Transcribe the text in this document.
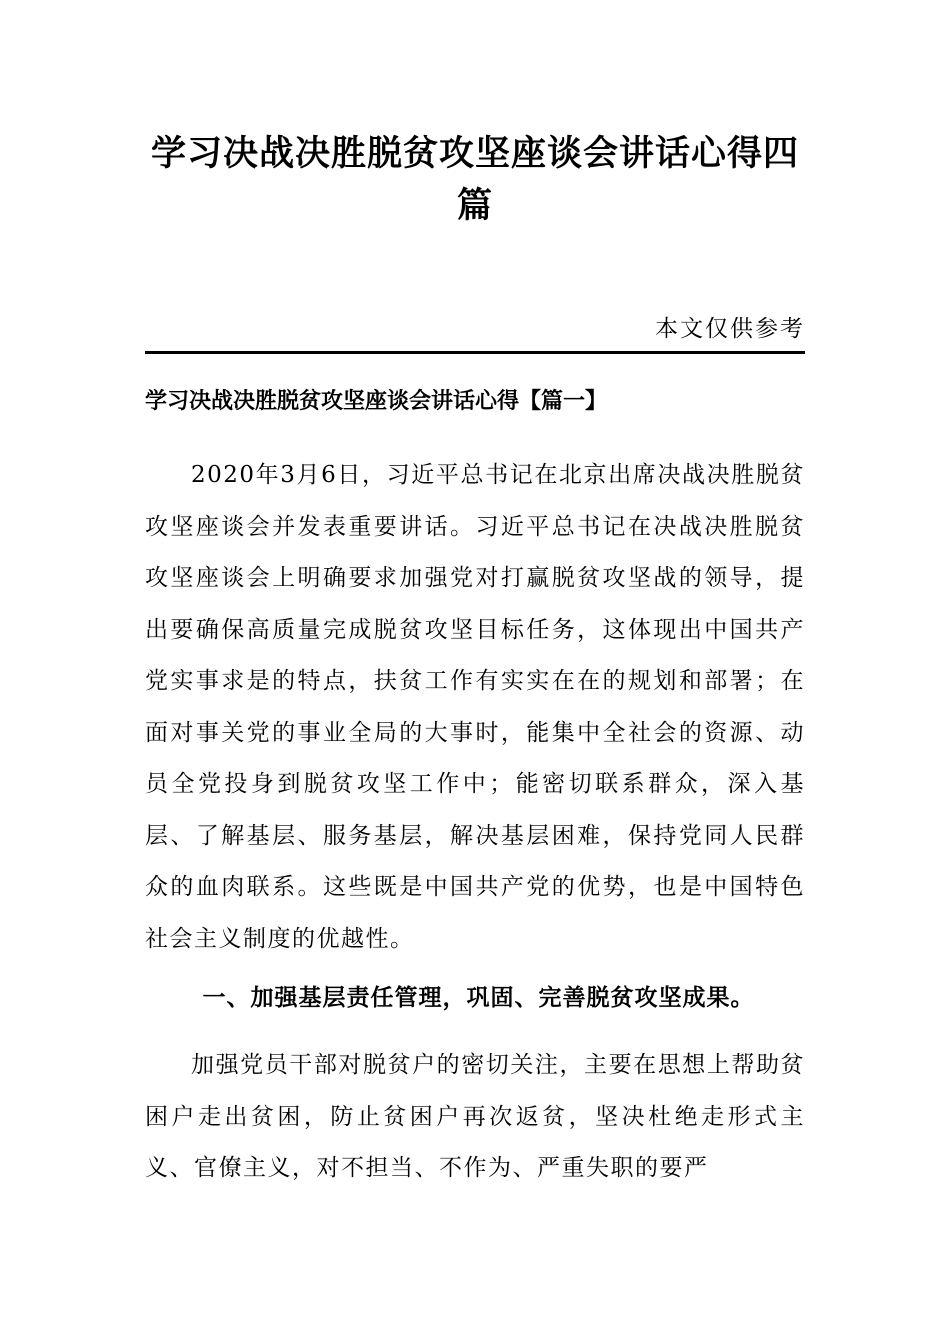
学习决战决胜脱贫攻坚座谈会讲话心得四篇

本文仅供参考

学习决战决胜脱贫攻坚座谈会讲话心得【篇一】

2020年3月6日，习近平总书记在北京出席决战决胜脱贫攻坚座谈会并发表重要讲话。习近平总书记在决战决胜脱贫攻坚座谈会上明确要求加强党对打赢脱贫攻坚战的领导，提出要确保高质量完成脱贫攻坚目标任务，这体现出中国共产党实事求是的特点，扶贫工作有实实在在的规划和部署；在面对事关党的事业全局的大事时，能集中全社会的资源、动员全党投身到脱贫攻坚工作中；能密切联系群众，深入基层、了解基层、服务基层，解决基层困难，保持党同人民群众的血肉联系。这些既是中国共产党的优势，也是中国特色社会主义制度的优越性。

一、加强基层责任管理，巩固、完善脱贫攻坚成果。

加强党员干部对脱贫户的密切关注，主要在思想上帮助贫困户走出贫困，防止贫困户再次返贫，坚决杜绝走形式主义、官僚主义，对不担当、不作为、严重失职的要严
